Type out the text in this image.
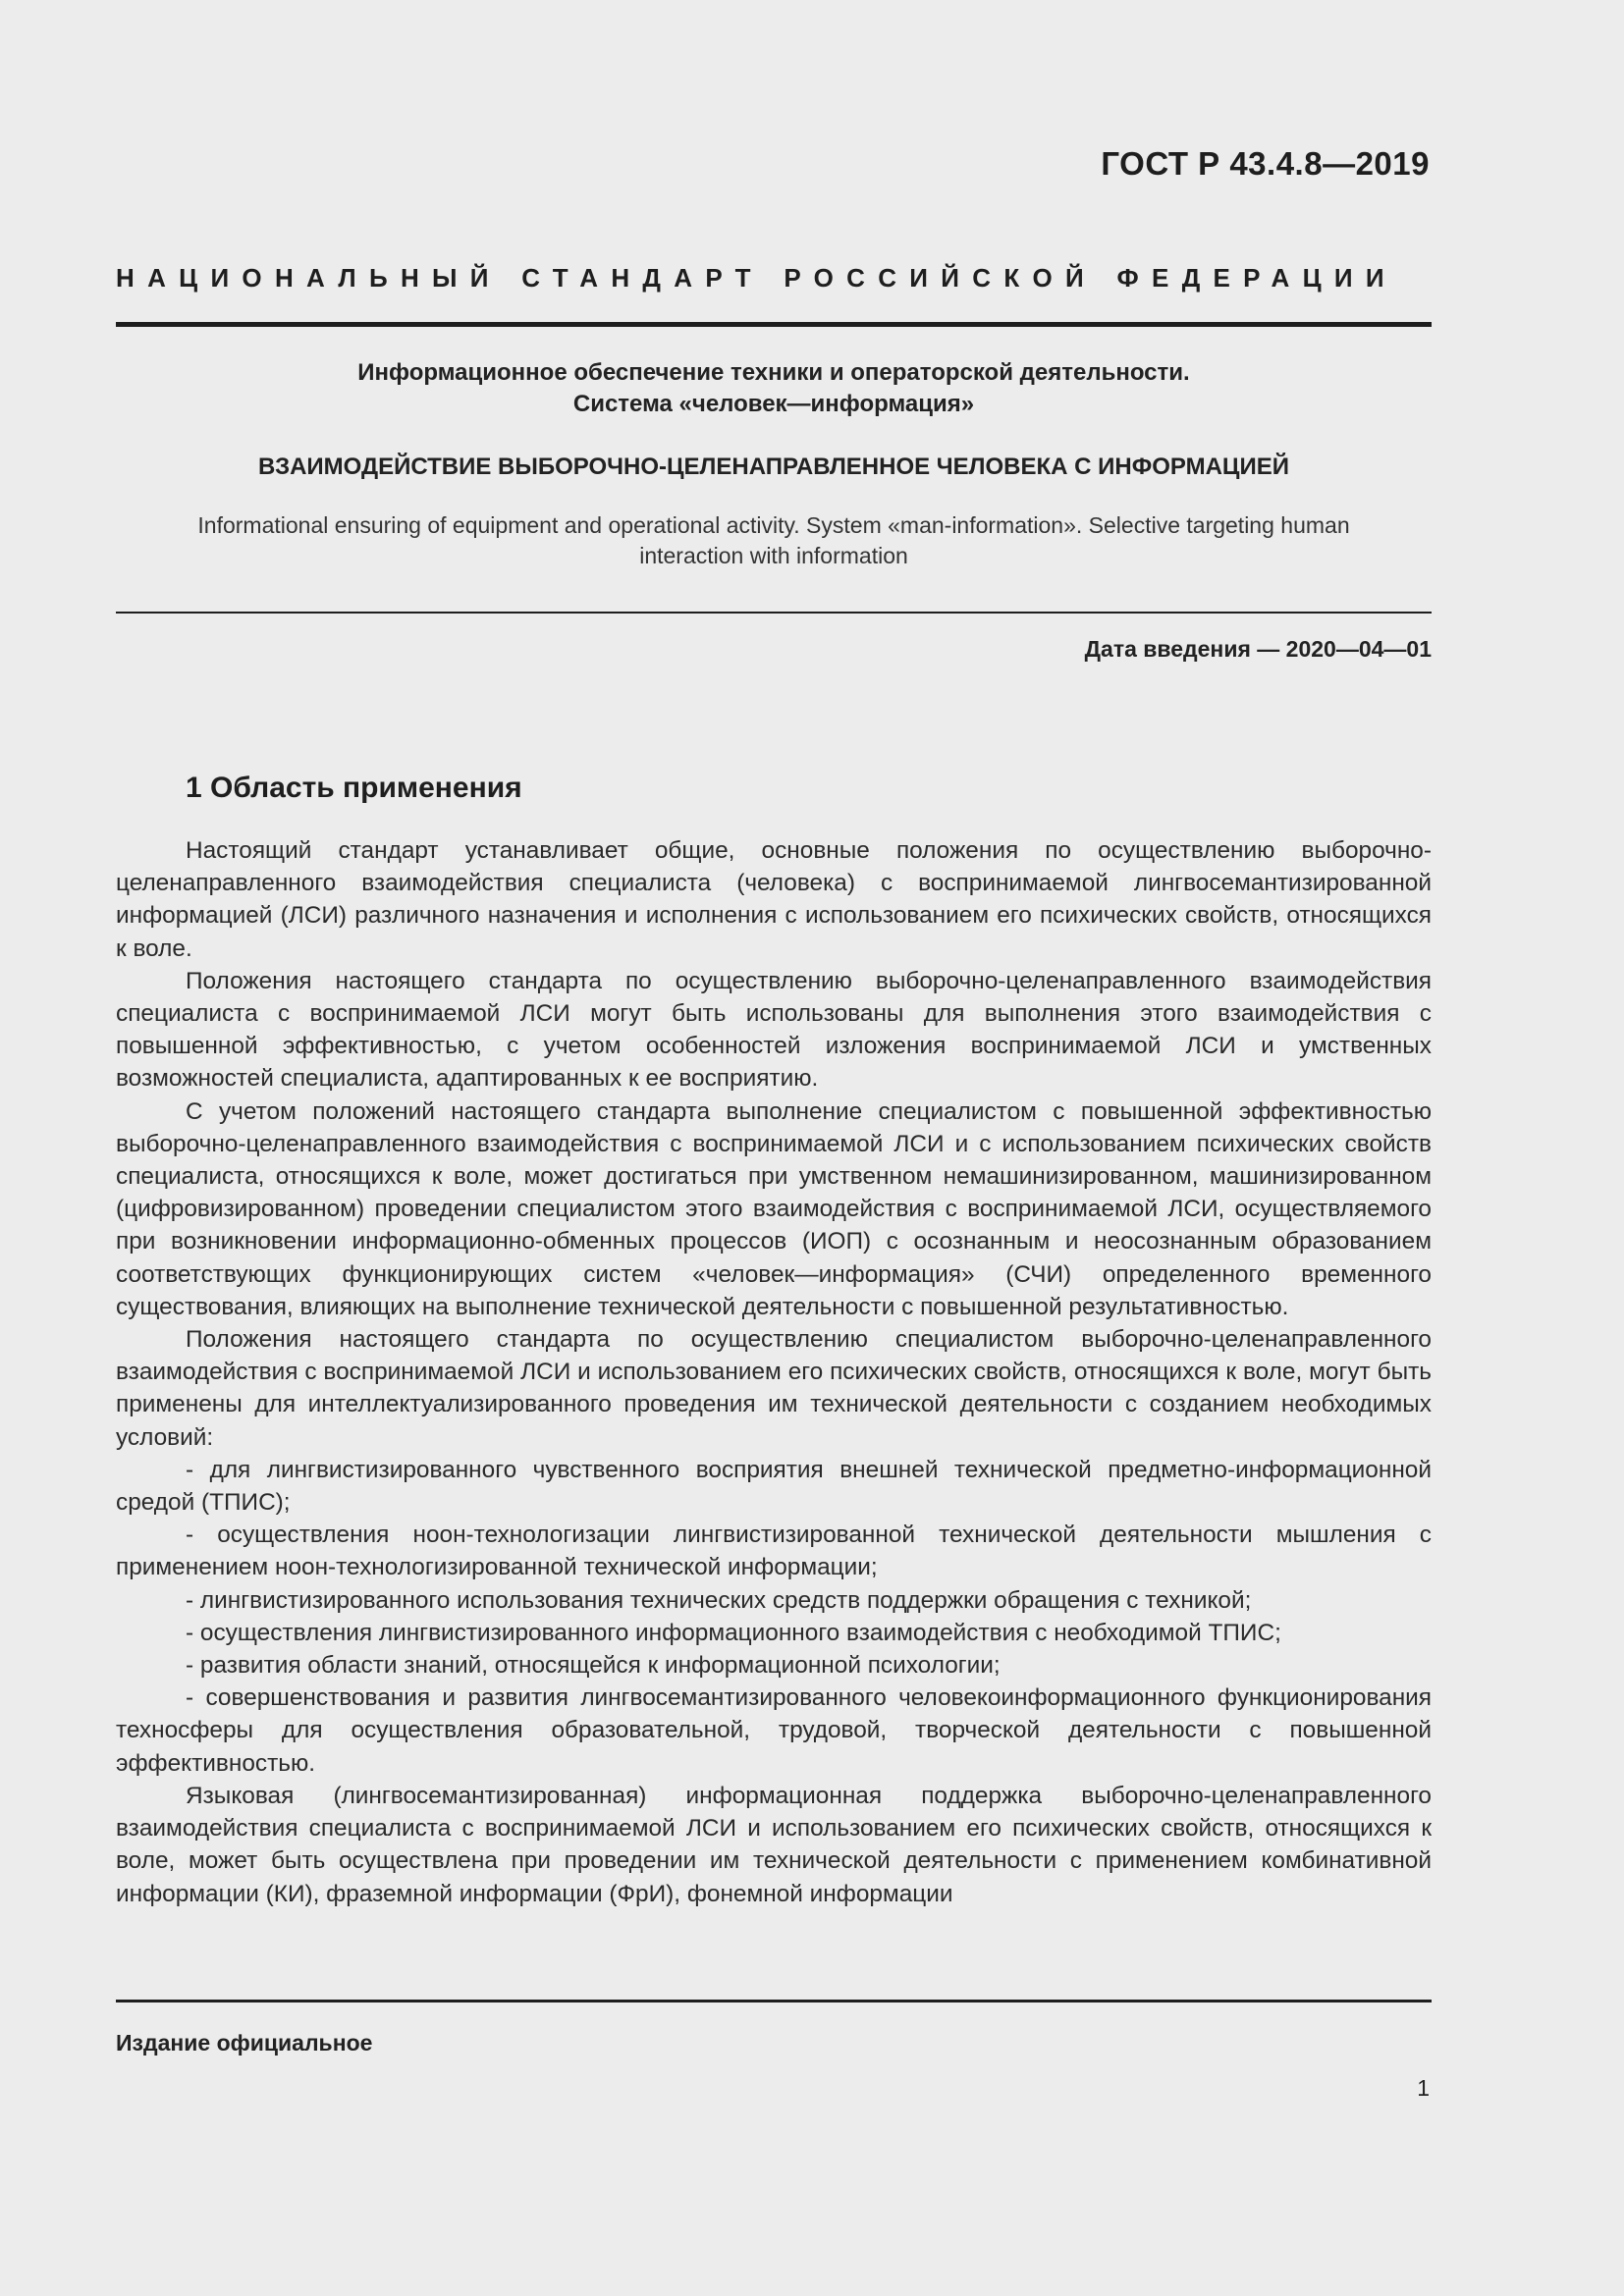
ГОСТ Р 43.4.8—2019
НАЦИОНАЛЬНЫЙ СТАНДАРТ РОССИЙСКОЙ ФЕДЕРАЦИИ
Информационное обеспечение техники и операторской деятельности.
Система «человек—информация»
ВЗАИМОДЕЙСТВИЕ ВЫБОРОЧНО-ЦЕЛЕНАПРАВЛЕННОЕ ЧЕЛОВЕКА С ИНФОРМАЦИЕЙ
Informational ensuring of equipment and operational activity. System «man-information». Selective targeting human interaction with information
Дата введения — 2020—04—01
1 Область применения

Настоящий стандарт устанавливает общие, основные положения по осуществлению выборочно-целенаправленного взаимодействия специалиста (человека) с воспринимаемой лингвосемантизированной информацией (ЛСИ) различного назначения и исполнения с использованием его психических свойств, относящихся к воле.

Положения настоящего стандарта по осуществлению выборочно-целенаправленного взаимодействия специалиста с воспринимаемой ЛСИ могут быть использованы для выполнения этого взаимодействия с повышенной эффективностью, с учетом особенностей изложения воспринимаемой ЛСИ и умственных возможностей специалиста, адаптированных к ее восприятию.

С учетом положений настоящего стандарта выполнение специалистом с повышенной эффективностью выборочно-целенаправленного взаимодействия с воспринимаемой ЛСИ и с использованием психических свойств специалиста, относящихся к воле, может достигаться при умственном немашинизированном, машинизированном (цифровизированном) проведении специалистом этого взаимодействия с воспринимаемой ЛСИ, осуществляемого при возникновении информационно-обменных процессов (ИОП) с осознанным и неосознанным образованием соответствующих функционирующих систем «человек—информация» (СЧИ) определенного временного существования, влияющих на выполнение технической деятельности с повышенной результативностью.

Положения настоящего стандарта по осуществлению специалистом выборочно-целенаправленного взаимодействия с воспринимаемой ЛСИ и использованием его психических свойств, относящихся к воле, могут быть применены для интеллектуализированного проведения им технической деятельности с созданием необходимых условий:

- для лингвистизированного чувственного восприятия внешней технической предметно-информационной средой (ТПИС);

- осуществления ноон-технологизации лингвистизированной технической деятельности мышления с применением ноон-технологизированной технической информации;

- лингвистизированного использования технических средств поддержки обращения с техникой;

- осуществления лингвистизированного информационного взаимодействия с необходимой ТПИС;

- развития области знаний, относящейся к информационной психологии;

- совершенствования и развития лингвосемантизированного человекоинформационного функционирования техносферы для осуществления образовательной, трудовой, творческой деятельности с повышенной эффективностью.

Языковая (лингвосемантизированная) информационная поддержка выборочно-целенаправленного взаимодействия специалиста с воспринимаемой ЛСИ и использованием его психических свойств, относящихся к воле, может быть осуществлена при проведении им технической деятельности с применением комбинативной информации (КИ), фраземной информации (ФрИ), фонемной информации

Издание официальное
1
